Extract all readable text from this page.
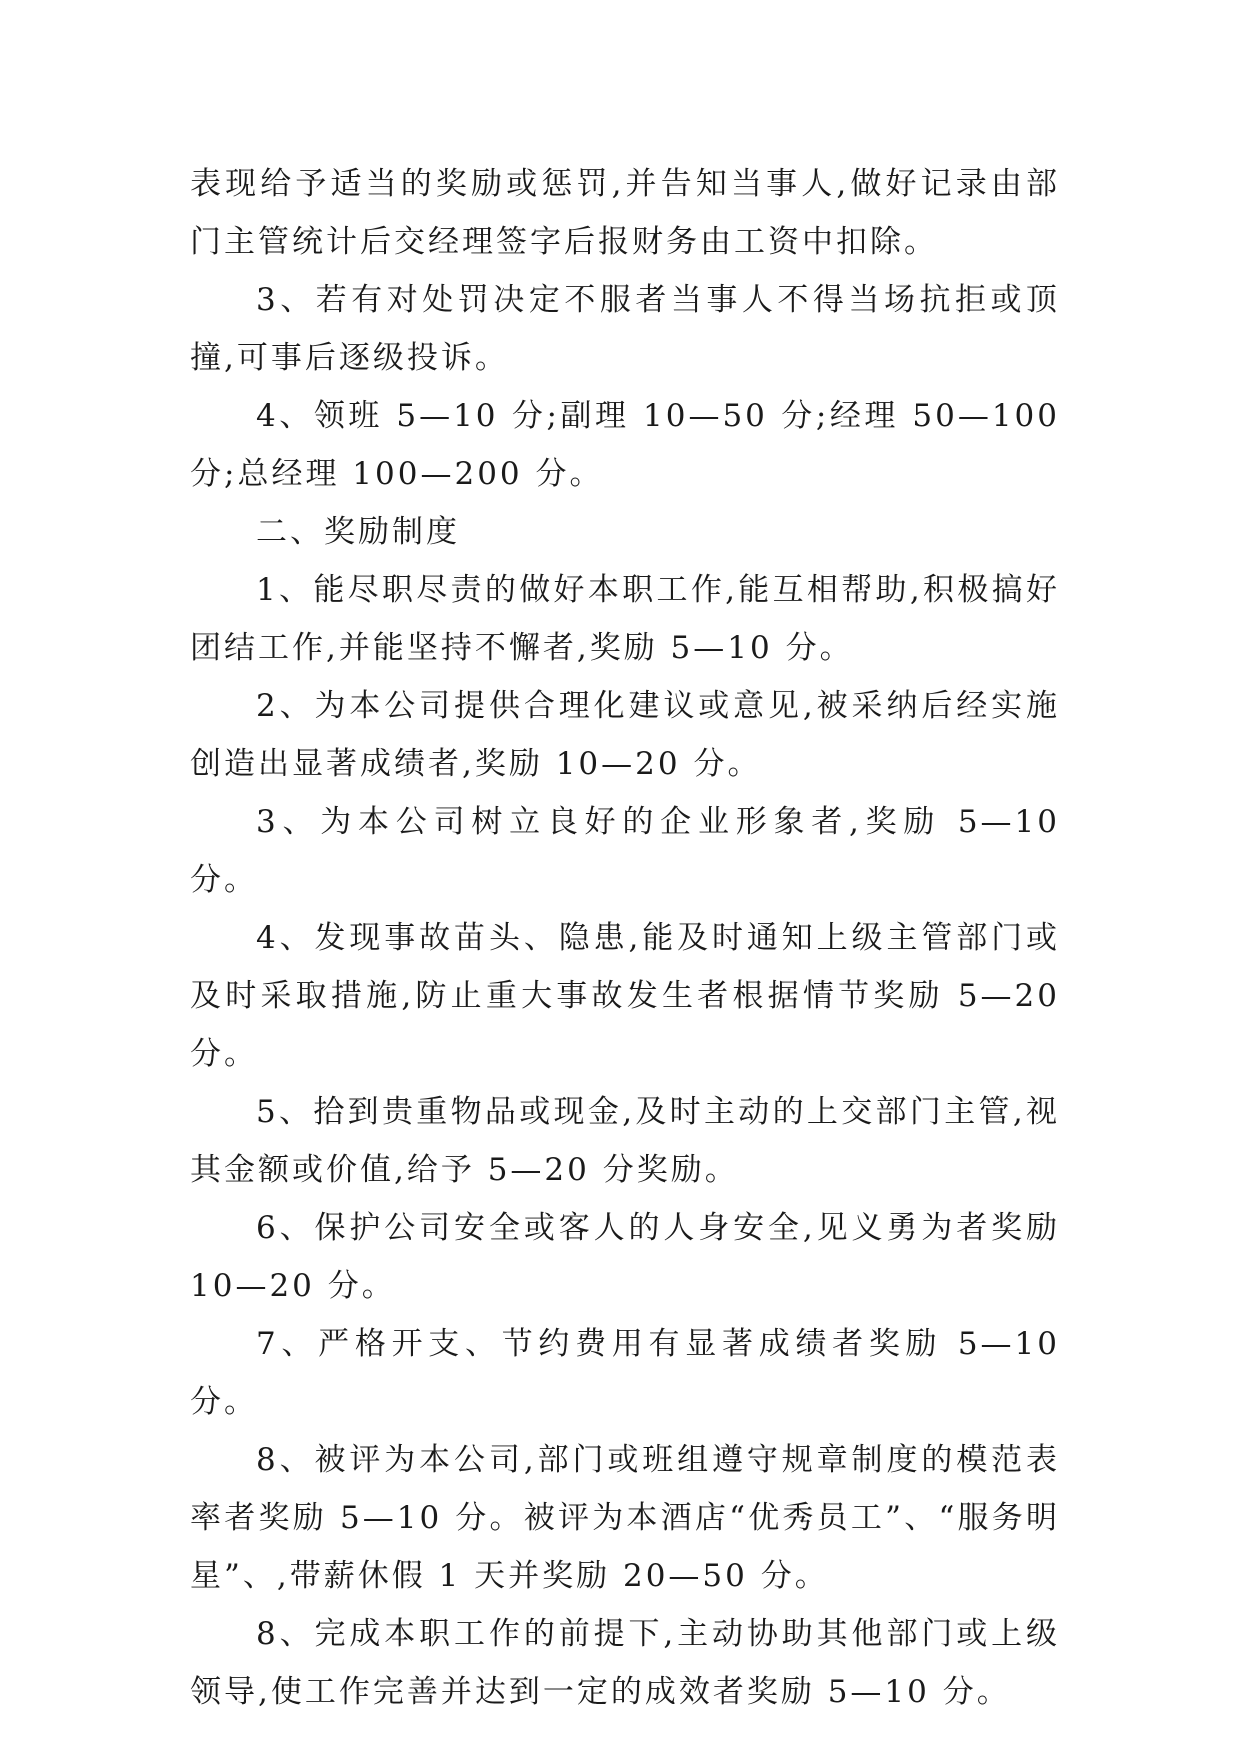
表现给予适当的奖励或惩罚,并告知当事人,做好记录由部门主管统计后交经理签字后报财务由工资中扣除。

3、若有对处罚决定不服者当事人不得当场抗拒或顶撞,可事后逐级投诉。

4、领班 5—10 分;副理 10—50 分;经理 50—100 分;总经理 100—200 分。

二、奖励制度

1、能尽职尽责的做好本职工作,能互相帮助,积极搞好团结工作,并能坚持不懈者,奖励 5—10 分。

2、为本公司提供合理化建议或意见,被采纳后经实施创造出显著成绩者,奖励 10—20 分。

3、为本公司树立良好的企业形象者,奖励 5—10 分。

4、发现事故苗头、隐患,能及时通知上级主管部门或及时采取措施,防止重大事故发生者根据情节奖励 5—20 分。

5、拾到贵重物品或现金,及时主动的上交部门主管,视其金额或价值,给予 5—20 分奖励。

6、保护公司安全或客人的人身安全,见义勇为者奖励 10—20 分。

7、严格开支、节约费用有显著成绩者奖励 5—10 分。

8、被评为本公司,部门或班组遵守规章制度的模范表率者奖励 5—10 分。被评为本酒店“优秀员工”、“服务明星”、,带薪休假 1 天并奖励 20—50 分。

8、完成本职工作的前提下,主动协助其他部门或上级领导,使工作完善并达到一定的成效者奖励 5—10 分。
